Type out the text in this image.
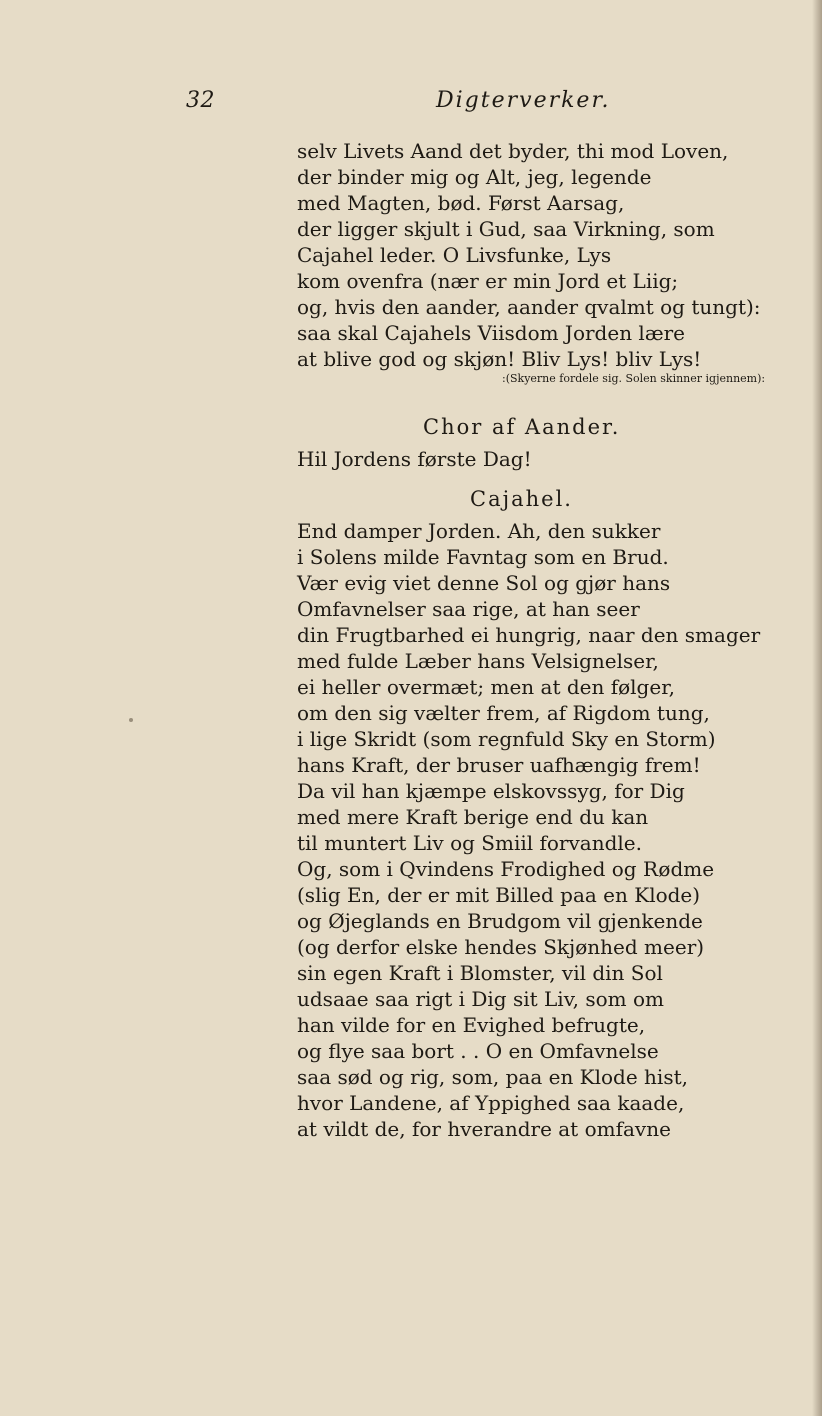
32	Digterverker.
selv Livets Aand det byder, thi mod Loven,
der binder mig og Alt, jeg, legende
med Magten, bød. Først Aarsag,
der ligger skjult i Gud, saa Virkning, som
Cajahel leder. O Livsfunke, Lys
kom ovenfra (nær er min Jord et Liig;
og, hvis den aander, aander qvalmt og tungt):
saa skal Cajahels Viisdom Jorden lære
at blive god og skjøn! Bliv Lys! bliv Lys!
:(Skyerne fordele sig. Solen skinner igjennem):
Chor af Aander.
Hil Jordens første Dag!
Cajahel.
End damper Jorden. Ah, den sukker
i Solens milde Favntag som en Brud.
Vær evig viet denne Sol og gjør hans
Omfavnelser saa rige, at han seer
din Frugtbarhed ei hungrig, naar den smager
med fulde Læber hans Velsignelser,
ei heller overmæt; men at den følger,
om den sig vælter frem, af Rigdom tung,
i lige Skridt (som regnfuld Sky en Storm)
hans Kraft, der bruser uafhængig frem!
Da vil han kjæmpe elskovssyg, for Dig
med mere Kraft berige end du kan
til muntert Liv og Smiil forvandle.
Og, som i Qvindens Frodighed og Rødme
(slig En, der er mit Billed paa en Klode)
og Øjeglands en Brudgom vil gjenkende
(og derfor elske hendes Skjønhed meer)
sin egen Kraft i Blomster, vil din Sol
udsaae saa rigt i Dig sit Liv, som om
han vilde for en Evighed befrugte,
og flye saa bort . . O en Omfavnelse
saa sød og rig, som, paa en Klode hist,
hvor Landene, af Yppighed saa kaade,
at vildt de, for hverandre at omfavne
